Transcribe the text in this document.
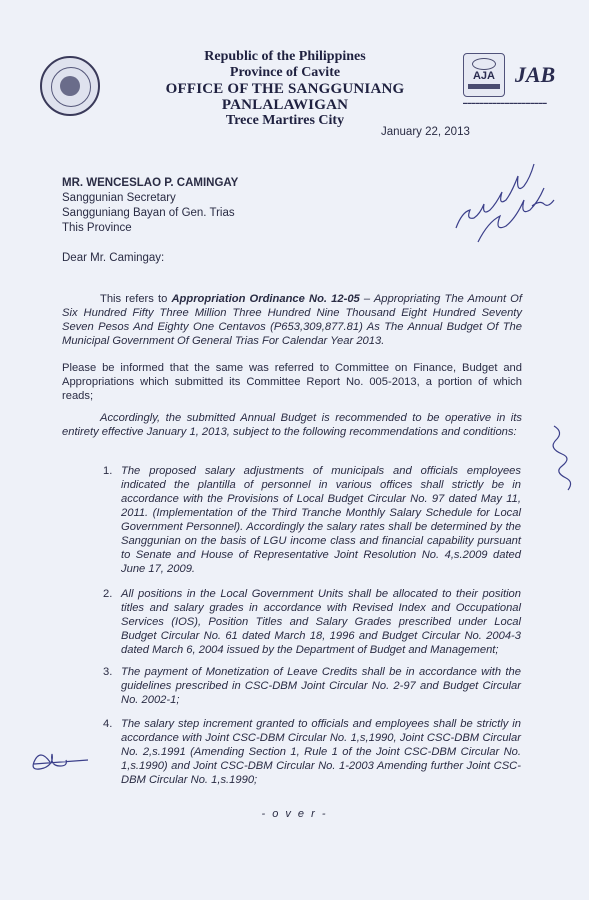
Republic of the Philippines
Province of Cavite
OFFICE OF THE SANGGUNIANG PANLALAWIGAN
Trece Martires City
AJA JAB
▬▬▬▬▬▬▬▬▬▬▬▬▬▬▬▬▬▬▬▬
January 22, 2013
MR. WENCESLAO P. CAMINGAY
Sanggunian Secretary
Sangguniang Bayan of Gen. Trias
This Province
Dear Mr. Camingay:
This refers to Appropriation Ordinance No. 12-05 – Appropriating The Amount Of Six Hundred Fifty Three Million Three Hundred Nine Thousand Eight Hundred Seventy Seven Pesos And Eighty One Centavos (P653,309,877.81) As The Annual Budget Of The Municipal Government Of General Trias For Calendar Year 2013.
Please be informed that the same was referred to Committee on Finance, Budget and Appropriations which submitted its Committee Report No. 005-2013, a portion of which reads;
Accordingly, the submitted Annual Budget is recommended to be operative in its entirety effective January 1, 2013, subject to the following recommendations and conditions:
1. The proposed salary adjustments of municipals and officials employees indicated the plantilla of personnel in various offices shall strictly be in accordance with the Provisions of Local Budget Circular No. 97 dated May 11, 2011. (Implementation of the Third Tranche Monthly Salary Schedule for Local Government Personnel). Accordingly the salary rates shall be determined by the Sanggunian on the basis of LGU income class and financial capability pursuant to Senate and House of Representative Joint Resolution No. 4,s.2009 dated June 17, 2009.
2. All positions in the Local Government Units shall be allocated to their position titles and salary grades in accordance with Revised Index and Occupational Services (IOS), Position Titles and Salary Grades prescribed under Local Budget Circular No. 61 dated March 18, 1996 and Budget Circular No. 2004-3 dated March 6, 2004 issued by the Department of Budget and Management;
3. The payment of Monetization of Leave Credits shall be in accordance with the guidelines prescribed in CSC-DBM Joint Circular No. 2-97 and Budget Circular No. 2002-1;
4. The salary step increment granted to officials and employees shall be strictly in accordance with Joint CSC-DBM Circular No. 1,s,1990, Joint CSC-DBM Circular No. 2,s.1991 (Amending Section 1, Rule 1 of the Joint CSC-DBM Circular No. 1,s.1990) and Joint CSC-DBM Circular No. 1-2003 Amending further Joint CSC-DBM Circular No. 1,s.1990;
- o v e r -
